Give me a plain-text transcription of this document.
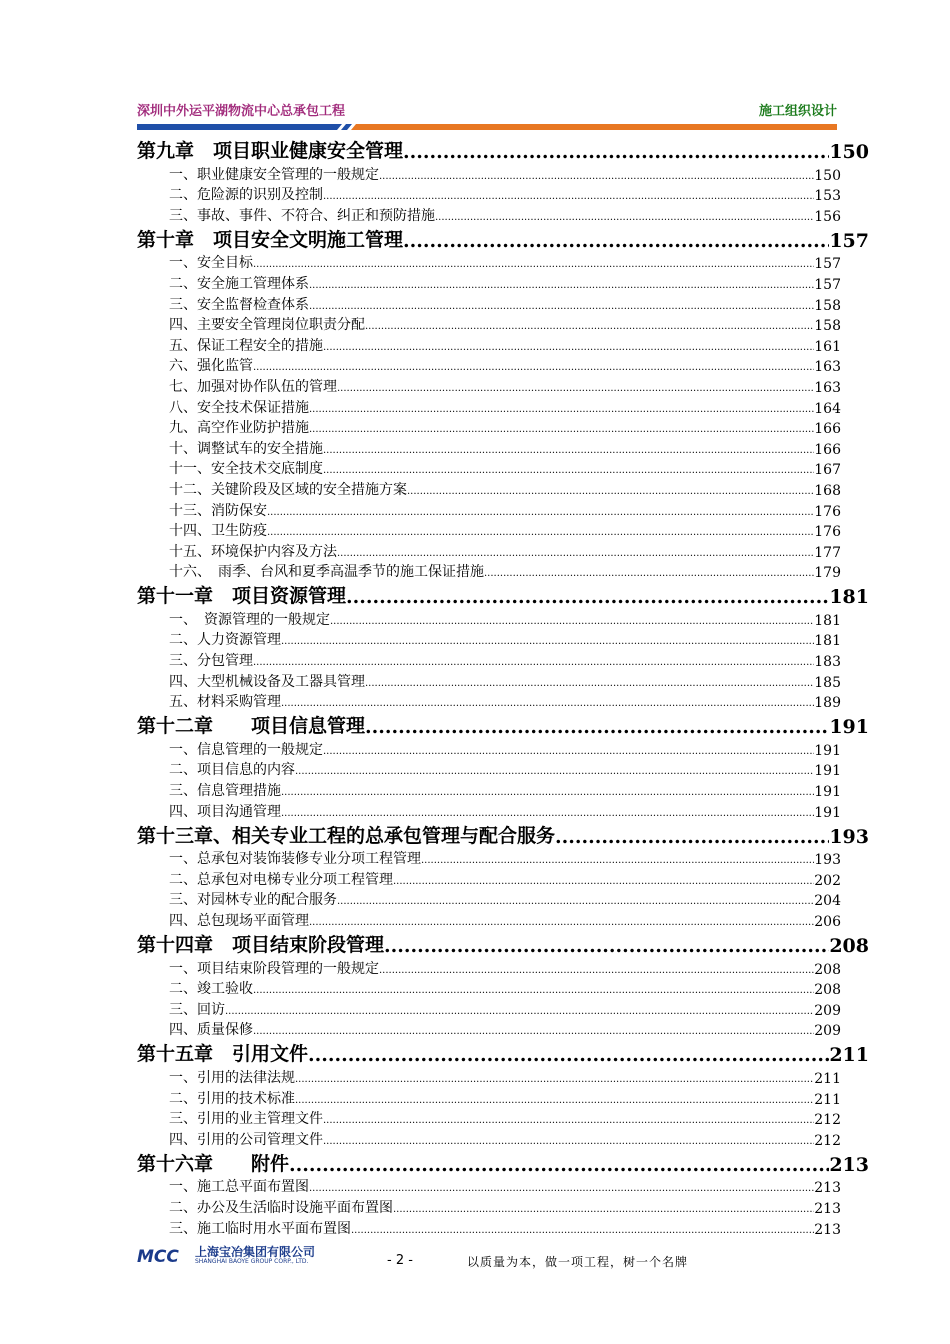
深圳中外运平湖物流中心总承包工程	施工组织设计
第九章　项目职业健康安全管理 .....	150
一、职业健康安全管理的一般规定 .....	150
二、危险源的识别及控制 .....	153
三、事故、事件、不符合、纠正和预防措施 .....	156
第十章　项目安全文明施工管理 .....	157
一、安全目标 .....	157
二、安全施工管理体系 .....	157
三、安全监督检查体系 .....	158
四、主要安全管理岗位职责分配 .....	158
五、保证工程安全的措施 .....	161
六、强化监管 .....	163
七、加强对协作队伍的管理 .....	163
八、安全技术保证措施 .....	164
九、高空作业防护措施 .....	166
十、调整试车的安全措施 .....	166
十一、安全技术交底制度 .....	167
十二、关键阶段及区域的安全措施方案 .....	168
十三、消防保安 .....	176
十四、卫生防疫 .....	176
十五、环境保护内容及方法 .....	177
十六、　雨季、台风和夏季高温季节的施工保证措施 .....	179
第十一章　项目资源管理 .....	181
一、　资源管理的一般规定 .....	181
二、人力资源管理 .....	181
三、分包管理 .....	183
四、大型机械设备及工器具管理 .....	185
五、材料采购管理 .....	189
第十二章　　项目信息管理 .....	191
一、信息管理的一般规定 .....	191
二、项目信息的内容 .....	191
三、信息管理措施 .....	191
四、项目沟通管理 .....	191
第十三章、相关专业工程的总承包管理与配合服务 .....	193
一、总承包对装饰装修专业分项工程管理 .....	193
二、总承包对电梯专业分项工程管理 .....	202
三、对园林专业的配合服务 .....	204
四、总包现场平面管理 .....	206
第十四章　项目结束阶段管理 .....	208
一、项目结束阶段管理的一般规定 .....	208
二、竣工验收 .....	208
三、回访 .....	209
四、质量保修 .....	209
第十五章　引用文件 .....	211
一、引用的法律法规 .....	211
二、引用的技术标准 .....	211
三、引用的业主管理文件 .....	212
四、引用的公司管理文件 .....	212
第十六章　　附件 .....	213
一、施工总平面布置图 .....	213
二、办公及生活临时设施平面布置图 .....	213
三、施工临时用水平面布置图 .....	213
MCC 上海宝冶集团有限公司
SHANGHAI BAOYE GROUP CORP., LTD.	- 2 -	以质量为本，做一项工程，树一个名牌
